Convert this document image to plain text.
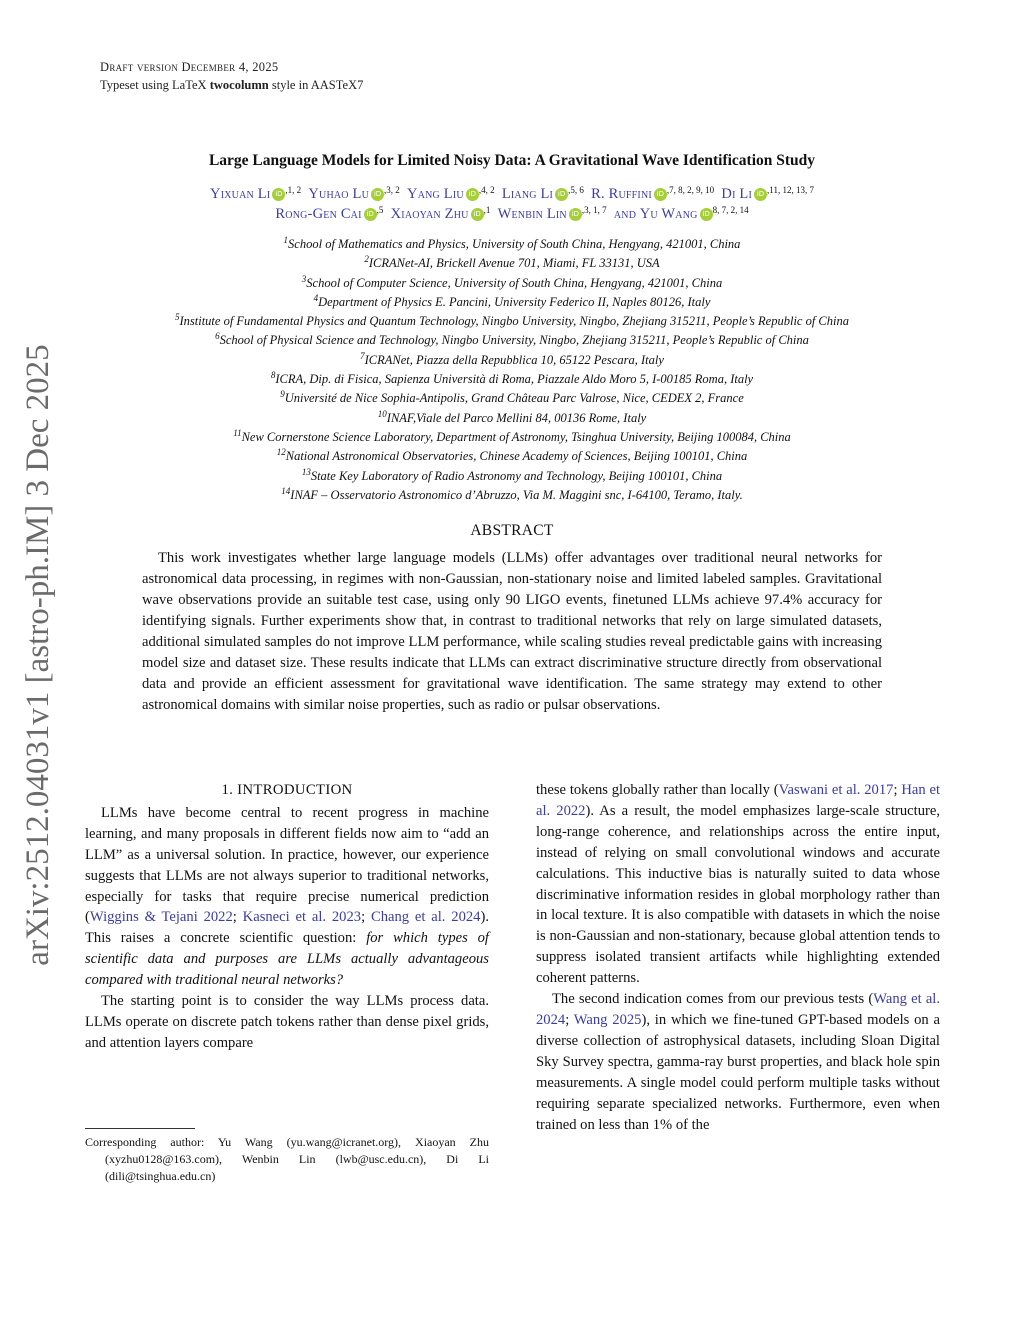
Draft version December 4, 2025
Typeset using LaTeX twocolumn style in AASTeX7
arXiv:2512.04031v1 [astro-ph.IM] 3 Dec 2025
Large Language Models for Limited Noisy Data: A Gravitational Wave Identification Study
Yixuan Li iD $^{,1, 2}$ Yuhao Lu iD $^{,3, 2}$ Yang Liu iD $^{,4, 2}$ Liang Li iD $^{,5, 6}$ R. Ruffini iD $^{,7, 8, 2, 9, 10}$ Di Li iD $^{,11, 12, 13, 7}$
Rong-Gen Cai iD $^{,5}$ Xiaoyan Zhu iD $^{,1}$ Wenbin Lin iD $^{,3, 1, 7}$ and Yu Wang iD $^{8, 7, 2, 14}$
$^1$School of Mathematics and Physics, University of South China, Hengyang, 421001, China
$^2$ICRANet-AI, Brickell Avenue 701, Miami, FL 33131, USA
$^3$School of Computer Science, University of South China, Hengyang, 421001, China
$^4$Department of Physics E. Pancini, University Federico II, Naples 80126, Italy
$^5$Institute of Fundamental Physics and Quantum Technology, Ningbo University, Ningbo, Zhejiang 315211, People’s Republic of China
$^6$School of Physical Science and Technology, Ningbo University, Ningbo, Zhejiang 315211, People’s Republic of China
$^7$ICRANet, Piazza della Repubblica 10, 65122 Pescara, Italy
$^8$ICRA, Dip. di Fisica, Sapienza Università di Roma, Piazzale Aldo Moro 5, I-00185 Roma, Italy
$^9$Université de Nice Sophia-Antipolis, Grand Château Parc Valrose, Nice, CEDEX 2, France
$^{10}$INAF,Viale del Parco Mellini 84, 00136 Rome, Italy
$^{11}$New Cornerstone Science Laboratory, Department of Astronomy, Tsinghua University, Beijing 100084, China
$^{12}$National Astronomical Observatories, Chinese Academy of Sciences, Beijing 100101, China
$^{13}$State Key Laboratory of Radio Astronomy and Technology, Beijing 100101, China
$^{14}$INAF – Osservatorio Astronomico d’Abruzzo, Via M. Maggini snc, I-64100, Teramo, Italy.
ABSTRACT
This work investigates whether large language models (LLMs) offer advantages over traditional neural networks for astronomical data processing, in regimes with non-Gaussian, non-stationary noise and limited labeled samples. Gravitational wave observations provide an suitable test case, using only 90 LIGO events, finetuned LLMs achieve 97.4% accuracy for identifying signals. Further experiments show that, in contrast to traditional networks that rely on large simulated datasets, additional simulated samples do not improve LLM performance, while scaling studies reveal predictable gains with increasing model size and dataset size. These results indicate that LLMs can extract discriminative structure directly from observational data and provide an efficient assessment for gravitational wave identification. The same strategy may extend to other astronomical domains with similar noise properties, such as radio or pulsar observations.
1. INTRODUCTION

LLMs have become central to recent progress in machine learning, and many proposals in different fields now aim to “add an LLM” as a universal solution. In practice, however, our experience suggests that LLMs are not always superior to traditional networks, especially for tasks that require precise numerical prediction (Wiggins & Tejani 2022; Kasneci et al. 2023; Chang et al. 2024). This raises a concrete scientific question: for which types of scientific data and purposes are LLMs actually advantageous compared with traditional neural networks?

The starting point is to consider the way LLMs process data. LLMs operate on discrete patch tokens rather than dense pixel grids, and attention layers compare

Corresponding author: Yu Wang (yu.wang@icranet.org), Xiaoyan Zhu (xyzhu0128@163.com), Wenbin Lin (lwb@usc.edu.cn), Di Li (dili@tsinghua.edu.cn)

these tokens globally rather than locally (Vaswani et al. 2017; Han et al. 2022). As a result, the model emphasizes large-scale structure, long-range coherence, and relationships across the entire input, instead of relying on small convolutional windows and accurate calculations. This inductive bias is naturally suited to data whose discriminative information resides in global morphology rather than in local texture. It is also compatible with datasets in which the noise is non-Gaussian and non-stationary, because global attention tends to suppress isolated transient artifacts while highlighting extended coherent patterns.

The second indication comes from our previous tests (Wang et al. 2024; Wang 2025), in which we fine-tuned GPT-based models on a diverse collection of astrophysical datasets, including Sloan Digital Sky Survey spectra, gamma-ray burst properties, and black hole spin measurements. A single model could perform multiple tasks without requiring separate specialized networks. Furthermore, even when trained on less than 1% of the
